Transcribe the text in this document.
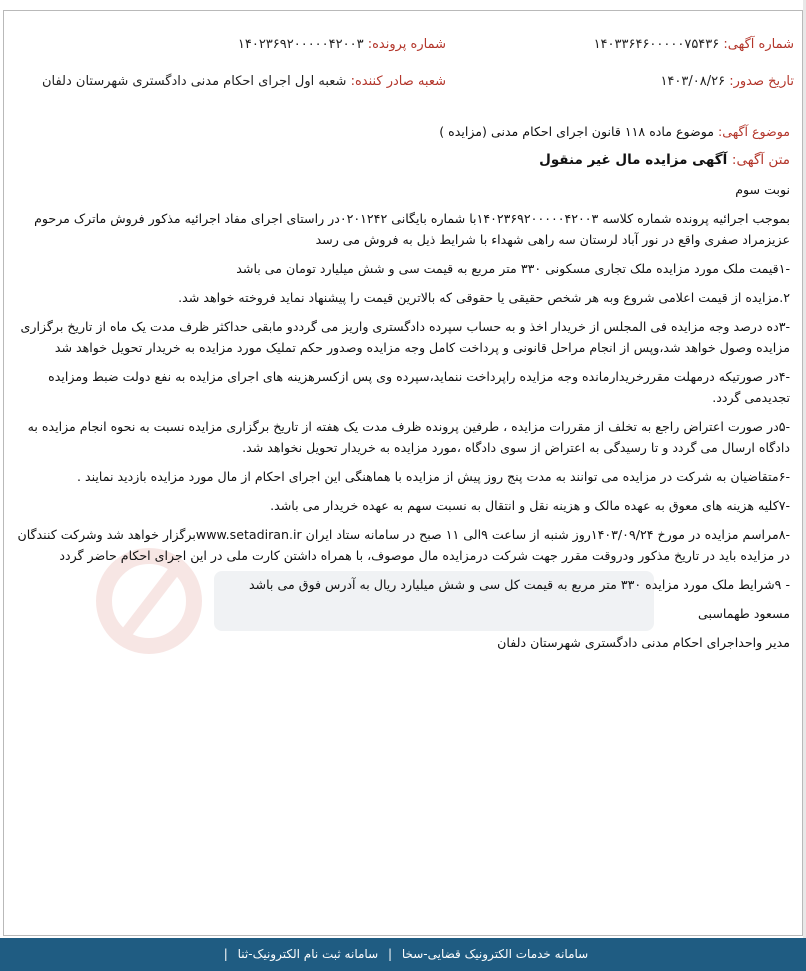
شماره آگهی: ۱۴۰۳۳۶۴۶۰۰۰۰۰۷۵۴۳۶
شماره پرونده: ۱۴۰۲۳۶۹۲۰۰۰۰۰۴۲۰۰۳
تاریخ صدور: ۱۴۰۳/۰۸/۲۶
شعبه صادر کننده: شعبه اول اجرای احکام مدنی دادگستری شهرستان دلفان

موضوع آگهی: موضوع ماده ۱۱۸ قانون اجرای احکام مدنی (مزایده )

متن آگهی: آگهی مزایده مال غیر منقول

نوبت سوم

بموجب اجرائیه پرونده شماره کلاسه ۱۴۰۲۳۶۹۲۰۰۰۰۰۴۲۰۰۳با شماره بایگانی ۰۲۰۱۲۴۲در راستای اجرای مفاد اجرائیه مذکور فروش ماترک مرحوم عزیزمراد صفری واقع در نور آباد لرستان سه راهی شهداء با شرایط ذیل به فروش می رسد

-۱قیمت ملک مورد مزایده ملک تجاری مسکونی ۳۳۰ متر مربع به قیمت سی و شش میلیارد تومان می باشد

۲.مزایده از قیمت اعلامی شروع وبه هر شخص حقیقی یا حقوقی که بالاترین قیمت را پیشنهاد نماید فروخته خواهد شد.

-۳ده درصد وجه مزایده فی المجلس از خریدار اخذ و به حساب سپرده دادگستری واریز می گرددو مابقی حداکثر ظرف مدت یک ماه از تاریخ برگزاری مزایده وصول خواهد شد،وپس از انجام مراحل قانونی و پرداخت کامل وجه مزایده وصدور حکم تملیک مورد مزایده به خریدار تحویل خواهد شد

-۴در صورتیکه درمهلت مقررخریدارمانده وجه مزایده راپرداخت ننماید،سپرده وی پس ازکسرهزینه های اجرای مزایده به نفع دولت ضبط ومزایده تجدیدمی گردد.

-۵در صورت اعتراض راجع به تخلف از مقررات مزایده ، طرفین پرونده ظرف مدت یک هفته از تاریخ برگزاری مزایده نسبت به نحوه انجام مزایده به دادگاه ارسال می گردد و تا رسیدگی به اعتراض از سوی دادگاه ،مورد مزایده به خریدار تحویل نخواهد شد.

-۶متقاضیان به شرکت در مزایده می توانند به مدت پنج روز پیش از مزایده با هماهنگی این اجرای احکام از مال مورد مزایده بازدید نمایند .

-۷کلیه هزینه های معوق به عهده مالک و هزینه نقل و انتقال به نسبت سهم به عهده خریدار می باشد.

-۸مراسم مزایده در مورخ ۱۴۰۳/۰۹/۲۴روز شنبه از ساعت ۹الی ۱۱ صبح در سامانه ستاد ایران www.setadiran.irبرگزار خواهد شد وشرکت کنندگان در مزایده باید در تاریخ مذکور ودروقت مقرر جهت شرکت درمزایده مال موصوف، با همراه داشتن کارت ملی در این اجرای احکام حاضر گردد

- ۹شرایط ملک مورد مزایده ۳۳۰ متر مربع به قیمت کل سی و شش میلیارد ریال به آدرس فوق می باشد

مسعود طهماسبی

مدیر واحداجرای احکام مدنی دادگستری شهرستان دلفان

سامانه خدمات الکترونیک قضایی-سخا | سامانه ثبت نام الکترونیک-ثنا |
